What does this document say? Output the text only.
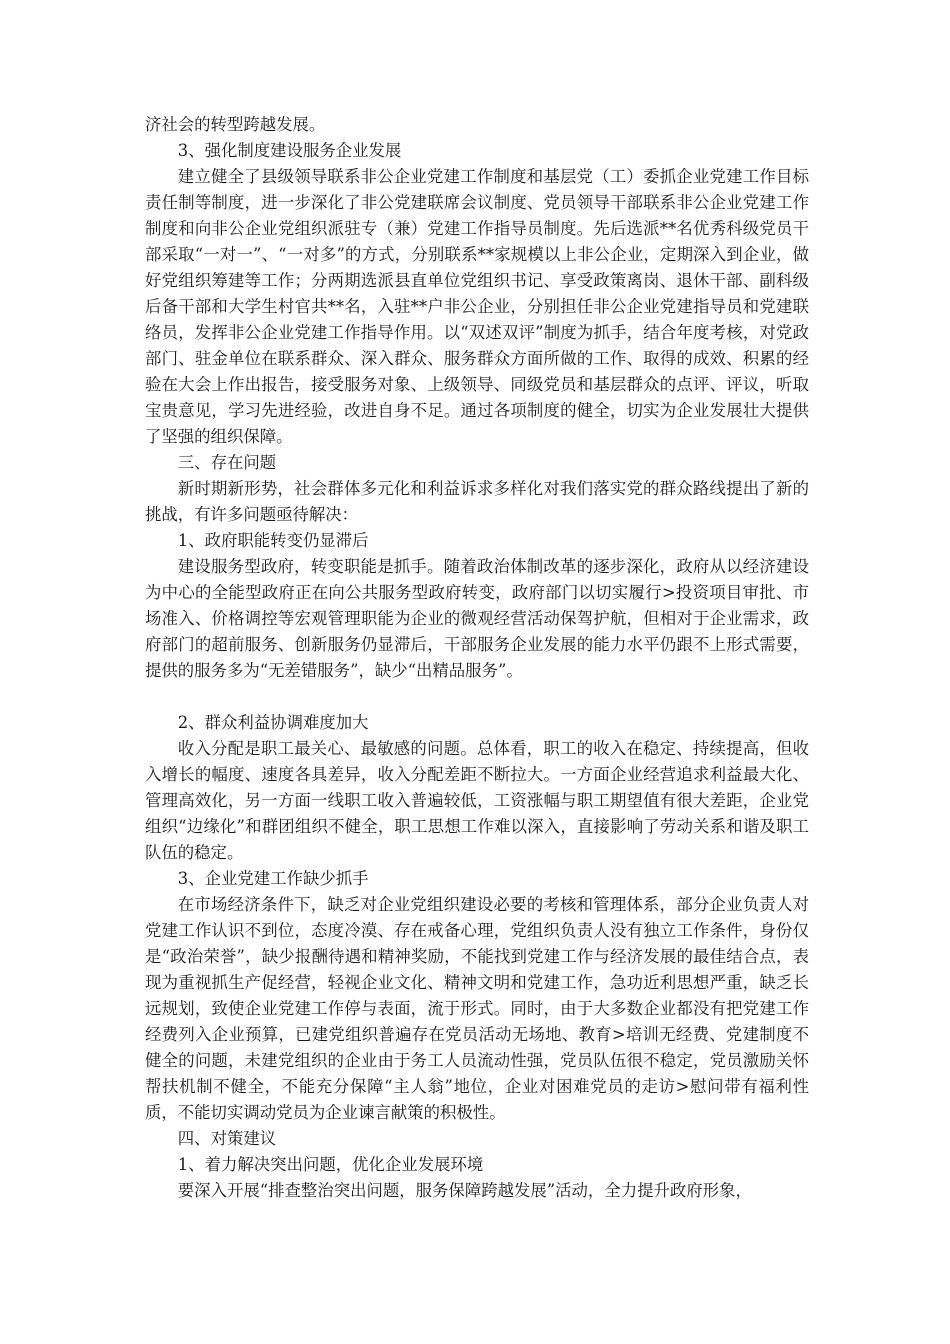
济社会的转型跨越发展。

3、强化制度建设服务企业发展

建立健全了县级领导联系非公企业党建工作制度和基层党（工）委抓企业党建工作目标责任制等制度，进一步深化了非公党建联席会议制度、党员领导干部联系非公企业党建工作制度和向非公企业党组织派驻专（兼）党建工作指导员制度。先后选派**名优秀科级党员干部采取“一对一”、“一对多”的方式，分别联系**家规模以上非公企业，定期深入到企业，做好党组织筹建等工作；分两期选派县直单位党组织书记、享受政策离岗、退休干部、副科级后备干部和大学生村官共**名，入驻**户非公企业，分别担任非公企业党建指导员和党建联络员，发挥非公企业党建工作指导作用。以“双述双评”制度为抓手，结合年度考核，对党政部门、驻金单位在联系群众、深入群众、服务群众方面所做的工作、取得的成效、积累的经验在大会上作出报告，接受服务对象、上级领导、同级党员和基层群众的点评、评议，听取宝贵意见，学习先进经验，改进自身不足。通过各项制度的健全，切实为企业发展壮大提供了坚强的组织保障。

三、存在问题

新时期新形势，社会群体多元化和利益诉求多样化对我们落实党的群众路线提出了新的挑战，有许多问题亟待解决：

1、政府职能转变仍显滞后

建设服务型政府，转变职能是抓手。随着政治体制改革的逐步深化，政府从以经济建设为中心的全能型政府正在向公共服务型政府转变，政府部门以切实履行>投资项目审批、市场准入、价格调控等宏观管理职能为企业的微观经营活动保驾护航，但相对于企业需求，政府部门的超前服务、创新服务仍显滞后，干部服务企业发展的能力水平仍跟不上形式需要，提供的服务多为“无差错服务”，缺少“出精品服务”。

2、群众利益协调难度加大

收入分配是职工最关心、最敏感的问题。总体看，职工的收入在稳定、持续提高，但收入增长的幅度、速度各具差异，收入分配差距不断拉大。一方面企业经营追求利益最大化、管理高效化，另一方面一线职工收入普遍较低，工资涨幅与职工期望值有很大差距，企业党组织“边缘化”和群团组织不健全，职工思想工作难以深入，直接影响了劳动关系和谐及职工队伍的稳定。

3、企业党建工作缺少抓手

在市场经济条件下，缺乏对企业党组织建设必要的考核和管理体系，部分企业负责人对党建工作认识不到位，态度冷漠、存在戒备心理，党组织负责人没有独立工作条件，身份仅是“政治荣誉”，缺少报酬待遇和精神奖励，不能找到党建工作与经济发展的最佳结合点，表现为重视抓生产促经营，轻视企业文化、精神文明和党建工作，急功近利思想严重，缺乏长远规划，致使企业党建工作停与表面，流于形式。同时，由于大多数企业都没有把党建工作经费列入企业预算，已建党组织普遍存在党员活动无场地、教育>培训无经费、党建制度不健全的问题，未建党组织的企业由于务工人员流动性强，党员队伍很不稳定，党员激励关怀帮扶机制不健全，不能充分保障“主人翁”地位，企业对困难党员的走访>慰问带有福利性质，不能切实调动党员为企业谏言献策的积极性。

四、对策建议

1、着力解决突出问题，优化企业发展环境

要深入开展“排查整治突出问题，服务保障跨越发展”活动，全力提升政府形象，
